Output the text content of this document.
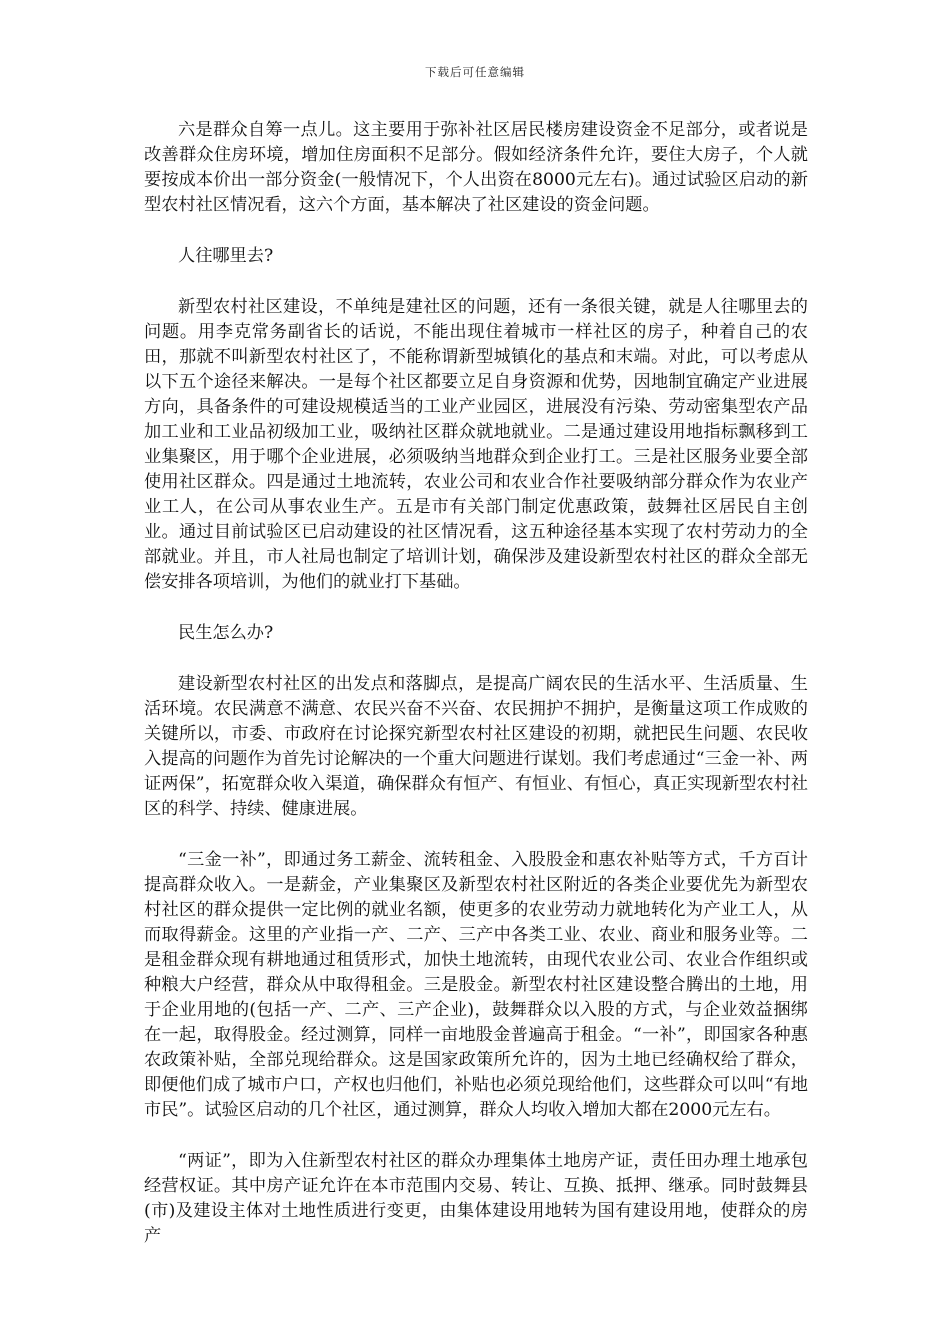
下载后可任意编辑

六是群众自筹一点儿。这主要用于弥补社区居民楼房建设资金不足部分，或者说是改善群众住房环境，增加住房面积不足部分。假如经济条件允许，要住大房子，个人就要按成本价出一部分资金(一般情况下，个人出资在8000元左右)。通过试验区启动的新型农村社区情况看，这六个方面，基本解决了社区建设的资金问题。

人往哪里去?

新型农村社区建设，不单纯是建社区的问题，还有一条很关键，就是人往哪里去的问题。用李克常务副省长的话说，不能出现住着城市一样社区的房子，种着自己的农田，那就不叫新型农村社区了，不能称谓新型城镇化的基点和末端。对此，可以考虑从以下五个途径来解决。一是每个社区都要立足自身资源和优势，因地制宜确定产业进展方向，具备条件的可建设规模适当的工业产业园区，进展没有污染、劳动密集型农产品加工业和工业品初级加工业，吸纳社区群众就地就业。二是通过建设用地指标飘移到工业集聚区，用于哪个企业进展，必须吸纳当地群众到企业打工。三是社区服务业要全部使用社区群众。四是通过土地流转，农业公司和农业合作社要吸纳部分群众作为农业产业工人，在公司从事农业生产。五是市有关部门制定优惠政策，鼓舞社区居民自主创业。通过目前试验区已启动建设的社区情况看，这五种途径基本实现了农村劳动力的全部就业。并且，市人社局也制定了培训计划，确保涉及建设新型农村社区的群众全部无偿安排各项培训，为他们的就业打下基础。

民生怎么办?

建设新型农村社区的出发点和落脚点，是提高广阔农民的生活水平、生活质量、生活环境。农民满意不满意、农民兴奋不兴奋、农民拥护不拥护，是衡量这项工作成败的关键所以，市委、市政府在讨论探究新型农村社区建设的初期，就把民生问题、农民收入提高的问题作为首先讨论解决的一个重大问题进行谋划。我们考虑通过“三金一补、两证两保”，拓宽群众收入渠道，确保群众有恒产、有恒业、有恒心，真正实现新型农村社区的科学、持续、健康进展。

“三金一补”，即通过务工薪金、流转租金、入股股金和惠农补贴等方式，千方百计提高群众收入。一是薪金，产业集聚区及新型农村社区附近的各类企业要优先为新型农村社区的群众提供一定比例的就业名额，使更多的农业劳动力就地转化为产业工人，从而取得薪金。这里的产业指一产、二产、三产中各类工业、农业、商业和服务业等。二是租金群众现有耕地通过租赁形式，加快土地流转，由现代农业公司、农业合作组织或种粮大户经营，群众从中取得租金。三是股金。新型农村社区建设整合腾出的土地，用于企业用地的(包括一产、二产、三产企业)，鼓舞群众以入股的方式，与企业效益捆绑在一起，取得股金。经过测算，同样一亩地股金普遍高于租金。“一补”，即国家各种惠农政策补贴，全部兑现给群众。这是国家政策所允许的，因为土地已经确权给了群众，即便他们成了城市户口，产权也归他们，补贴也必须兑现给他们，这些群众可以叫“有地市民”。试验区启动的几个社区，通过测算，群众人均收入增加大都在2000元左右。

“两证”，即为入住新型农村社区的群众办理集体土地房产证，责任田办理土地承包经营权证。其中房产证允许在本市范围内交易、转让、互换、抵押、继承。同时鼓舞县(市)及建设主体对土地性质进行变更，由集体建设用地转为国有建设用地，使群众的房产
